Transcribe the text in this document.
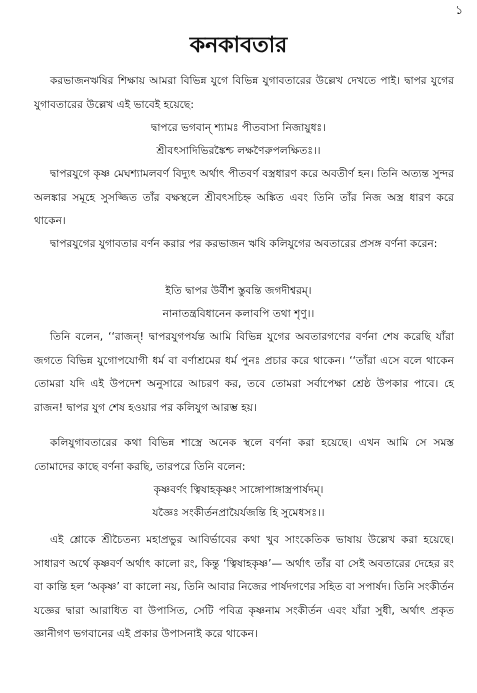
১
কনকাবতার

করভাজনঋষির শিক্ষায় আমরা বিভিন্ন যুগে বিভিন্ন যুগাবতারের উল্লেখ দেখতে পাই। দ্বাপর যুগের যুগাবতারের উল্লেখ এই ভাবেই হয়েছে:

দ্বাপরে ভগবান্ শ্যামঃ পীতবাসা নিজায়ুধঃ।

শ্রীবৎসাদিভিরঙ্কৈশ্চ লক্ষণৈরুপলক্ষিতঃ।।

দ্বাপরযুগে কৃষ্ণ মেঘশ্যামলবর্ণ বিদ্যুৎ অর্থাৎ পীতবর্ণ বস্ত্রধারণ করে অবতীর্ণ হন। তিনি অত্যন্ত সুন্দর অলঙ্কার সমূহে সুসজ্জিত তাঁর বক্ষস্থলে শ্রীবৎসচিহ্ন অঙ্কিত এবং তিনি তাঁর নিজ অস্ত্র ধারণ করে থাকেন।

দ্বাপরযুগের যুগাবতার বর্ণন করার পর করভাজন ঋষি কলিযুগের অবতারের প্রসঙ্গ বর্ণনা করেন:

ইতি দ্বাপর উর্বীশ স্তুবন্তি জগদীশ্বরম্।

নানাতন্ত্রবিধানেন কলাবপি তথা শৃণু।।

তিনি বলেন, ‘‘রাজন্! দ্বাপরযুগপর্যন্ত আমি বিভিন্ন যুগের অবতারগণের বর্ণনা শেষ করেছি যাঁরা জগতে বিভিন্ন যুগোপযোগী ধর্ম বা বর্ণাশ্রমের ধর্ম পুনঃ প্রচার করে থাকেন। ‘‘তাঁরা এসে বলে থাকেন তোমরা যদি এই উপদেশ অনুসারে আচরণ কর, তবে তোমরা সর্বাপেক্ষা শ্রেষ্ঠ উপকার পাবে। হে রাজন! দ্বাপর যুগ শেষ হওয়ার পর কলিযুগ আরম্ভ হয়।

কলিযুগাবতারের কথা বিভিন্ন শাস্ত্রে অনেক স্থলে বর্ণনা করা হয়েছে। এখন আমি সে সমস্ত তোমাদের কাছে বর্ণনা করছি, তারপরে তিনি বলেন:

কৃষ্ণবর্ণং ত্বিষাহকৃষ্ণং সাঙ্গোপাঙ্গাস্ত্রপার্ষদম্।

যজ্ঞৈঃ সংকীর্তনপ্রায়ৈর্যজন্তি হি সুমেধসঃ।।

এই শ্লোকে শ্রীচৈতন্য মহাপ্রভুর আবির্ভাবের কথা খুব সাংকেতিক ভাষায় উল্লেখ করা হয়েছে। সাধারণ অর্থে কৃষ্ণবর্ণ অর্থাৎ কালো রং, কিন্তু ‘ত্বিষাহকৃষ্ণ’— অর্থাৎ তাঁর বা সেই অবতারের দেহের রং বা কান্তি হল ‘অকৃষ্ণ’ বা কালো নয়, তিনি আবার নিজের পার্ষদগণের সহিত বা সপার্ষদ। তিনি সংকীর্তন যজ্ঞের দ্বারা আরাধিত বা উপাসিত, সেটি পবিত্র কৃষ্ণনাম সংকীর্তন এবং যাঁরা সুধী, অর্থাৎ প্রকৃত জ্ঞানীগণ ভগবানের এই প্রকার উপাসনাই করে থাকেন।
